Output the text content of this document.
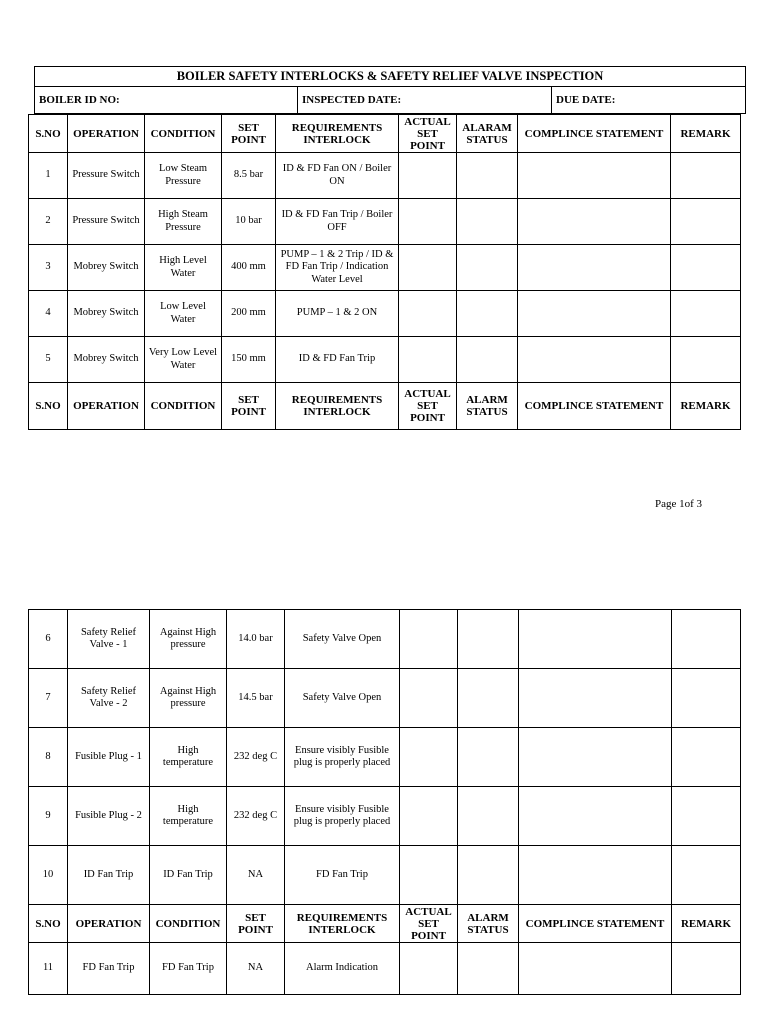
BOILER SAFETY INTERLOCKS & SAFETY RELIEF VALVE INSPECTION
BOILER ID NO:	INSPECTED DATE:	DUE DATE:
S.NO	OPERATION	CONDITION	SET POINT	REQUIREMENTS INTERLOCK	ACTUAL SET POINT	ALARAM STATUS	COMPLINCE STATEMENT	REMARK
1	Pressure Switch	Low Steam Pressure	8.5 bar	ID & FD Fan ON / Boiler ON				
2	Pressure Switch	High Steam Pressure	10 bar	ID & FD Fan Trip / Boiler OFF				
3	Mobrey Switch	High Level Water	400 mm	PUMP – 1 & 2 Trip / ID & FD Fan Trip / Indication Water Level				
4	Mobrey Switch	Low Level Water	200 mm	PUMP – 1 & 2 ON				
5	Mobrey Switch	Very Low Level Water	150 mm	ID & FD Fan Trip				
S.NO	OPERATION	CONDITION	SET POINT	REQUIREMENTS INTERLOCK	ACTUAL SET POINT	ALARM STATUS	COMPLINCE STATEMENT	REMARK
Page 1of 3
6	Safety Relief Valve - 1	Against High pressure	14.0 bar	Safety Valve Open				
7	Safety Relief Valve - 2	Against High pressure	14.5 bar	Safety Valve Open				
8	Fusible Plug - 1	High temperature	232 deg C	Ensure visibly Fusible plug is properly placed				
9	Fusible Plug - 2	High temperature	232 deg C	Ensure visibly Fusible plug is properly placed				
10	ID Fan Trip	ID Fan Trip	NA	FD Fan Trip				
S.NO	OPERATION	CONDITION	SET POINT	REQUIREMENTS INTERLOCK	ACTUAL SET POINT	ALARM STATUS	COMPLINCE STATEMENT	REMARK
11	FD Fan Trip	FD Fan Trip	NA	Alarm Indication				
